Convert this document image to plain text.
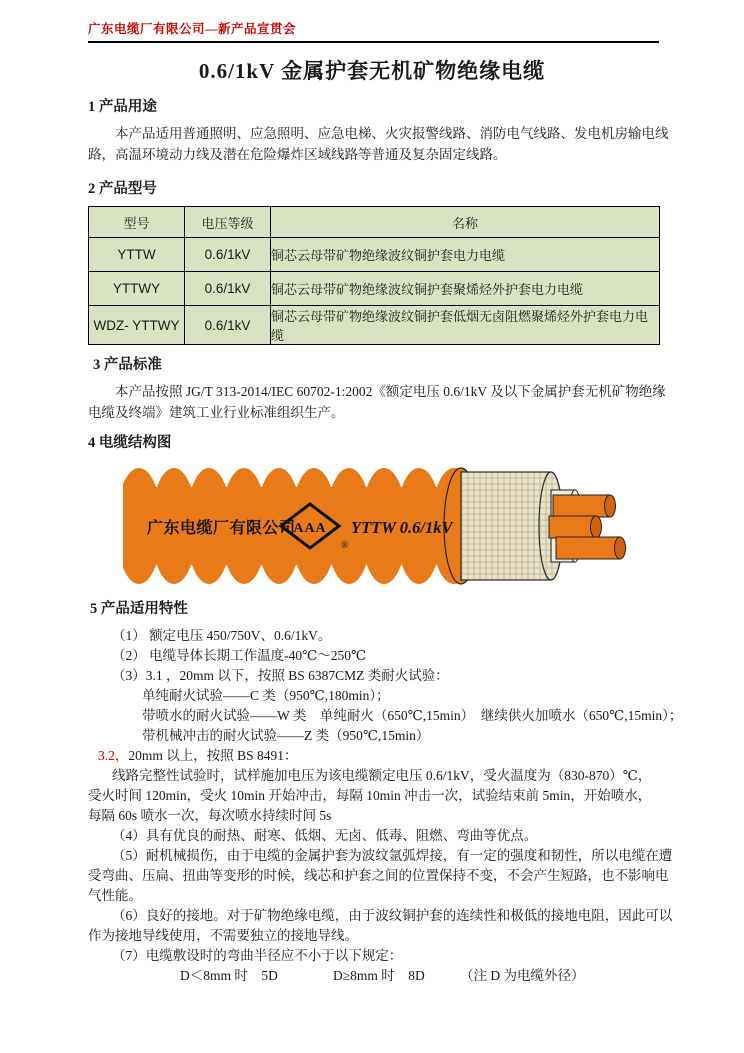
广东电缆厂有限公司—新产品宣贯会
0.6/1kV 金属护套无机矿物绝缘电缆
1 产品用途
本产品适用普通照明、应急照明、应急电梯、火灾报警线路、消防电气线路、发电机房输电线
路，高温环境动力线及潜在危险爆炸区域线路等普通及复杂固定线路。
2 产品型号
型号	电压等级	名称
YTTW	0.6/1kV	铜芯云母带矿物绝缘波纹铜护套电力电缆
YTTWY	0.6/1kV	铜芯云母带矿物绝缘波纹铜护套聚烯烃外护套电力电缆
WDZ- YTTWY	0.6/1kV	铜芯云母带矿物绝缘波纹铜护套低烟无卤阻燃聚烯烃外护套电力电缆
3 产品标准
本产品按照 JG/T 313-2014/IEC 60702-1:2002《额定电压 0.6/1kV 及以下金属护套无机矿物绝缘
电缆及终端》建筑工业行业标准组织生产。
4 电缆结构图
广东电缆厂有限公司
AAA
®
YTTW 0.6/1kV
5 产品适用特性
（1） 额定电压 450/750V、0.6/1kV。
（2） 电缆导体长期工作温度-40℃～250℃
（3）3.1 ，20mm 以下，按照 BS 6387CMZ 类耐火试验：
单纯耐火试验——C 类（950℃,180min）；
带喷水的耐火试验——W 类　单纯耐火（650℃,15min）　继续供火加喷水（650℃,15min）；
带机械冲击的耐火试验——Z 类（950℃,15min）
3.2，20mm 以上，按照 BS 8491：
线路完整性试验时，试样施加电压为该电缆额定电压 0.6/1kV，受火温度为（830-870）℃，
受火时间 120min，受火 10min 开始冲击，每隔 10min 冲击一次，试验结束前 5min，开始喷水，
每隔 60s 喷水一次，每次喷水持续时间 5s
（4）具有优良的耐热、耐寒、低烟、无卤、低毒、阻燃、弯曲等优点。
（5）耐机械损伤，由于电缆的金属护套为波纹氩弧焊接，有一定的强度和韧性，所以电缆在遭
受弯曲、压扁、扭曲等变形的时候，线芯和护套之间的位置保持不变，不会产生短路，也不影响电
气性能。
（6）良好的接地。对于矿物绝缘电缆，由于波纹铜护套的连续性和极低的接地电阻，因此可以
作为接地导线使用，不需要独立的接地导线。
（7）电缆敷设时的弯曲半径应不小于以下规定：
D＜8mm 时　5D	D≥8mm 时　8D	（注 D 为电缆外径）
